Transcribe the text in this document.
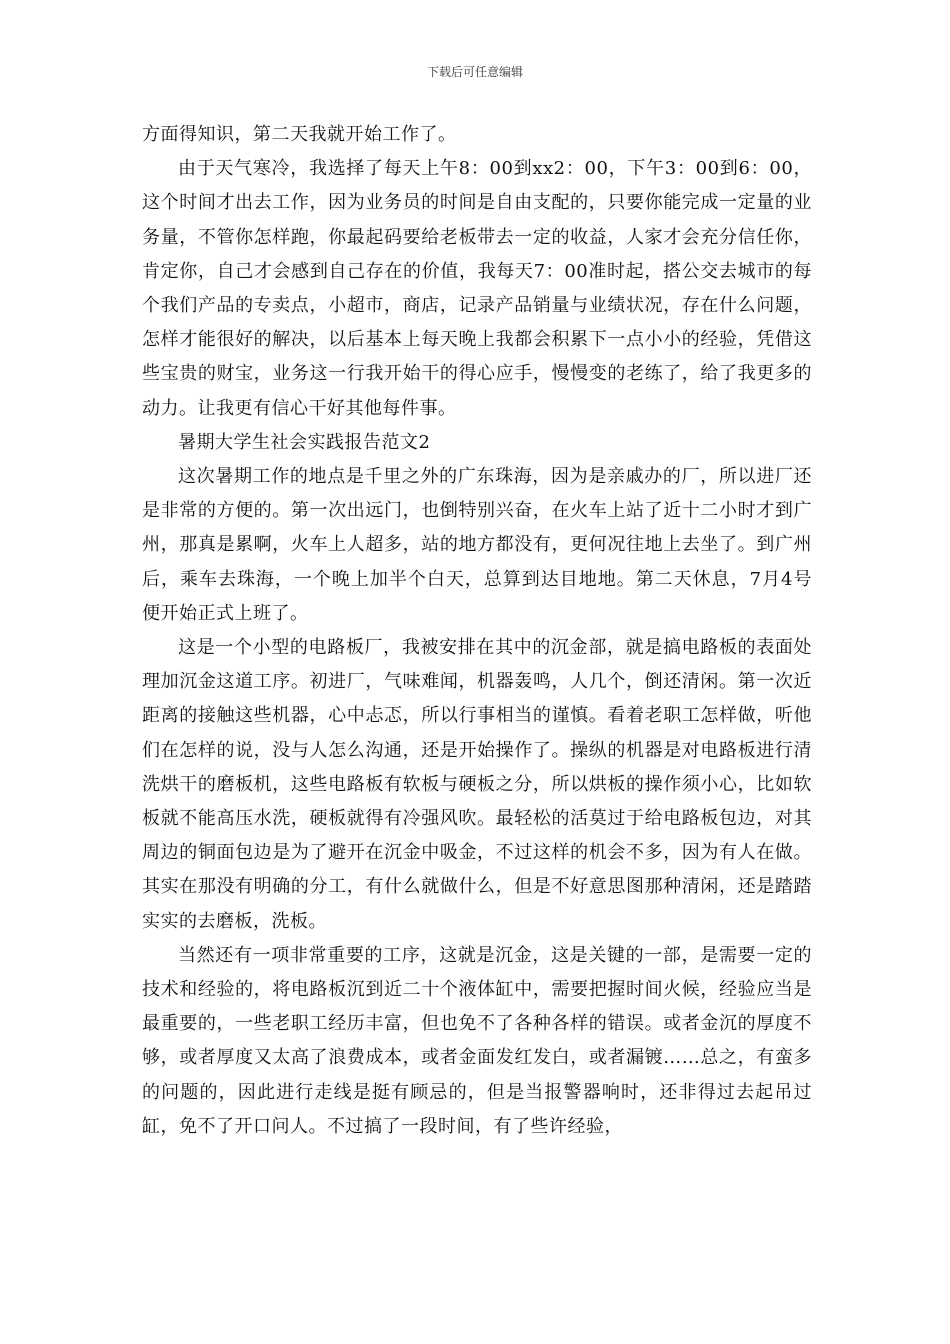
下载后可任意编辑

方面得知识，第二天我就开始工作了。

由于天气寒冷，我选择了每天上午8：00到xx2：00，下午3：00到6：00，这个时间才出去工作，因为业务员的时间是自由支配的，只要你能完成一定量的业务量，不管你怎样跑，你最起码要给老板带去一定的收益，人家才会充分信任你，肯定你，自己才会感到自己存在的价值，我每天7：00准时起，搭公交去城市的每个我们产品的专卖点，小超市，商店，记录产品销量与业绩状况，存在什么问题，怎样才能很好的解决，以后基本上每天晚上我都会积累下一点小小的经验，凭借这些宝贵的财宝，业务这一行我开始干的得心应手，慢慢变的老练了，给了我更多的动力。让我更有信心干好其他每件事。

暑期大学生社会实践报告范文2

这次暑期工作的地点是千里之外的广东珠海，因为是亲戚办的厂，所以进厂还是非常的方便的。第一次出远门，也倒特别兴奋，在火车上站了近十二小时才到广州，那真是累啊，火车上人超多，站的地方都没有，更何况往地上去坐了。到广州后，乘车去珠海，一个晚上加半个白天，总算到达目地地。第二天休息，7月4号便开始正式上班了。

这是一个小型的电路板厂，我被安排在其中的沉金部，就是搞电路板的表面处理加沉金这道工序。初进厂，气味难闻，机器轰鸣，人几个，倒还清闲。第一次近距离的接触这些机器，心中忐忑，所以行事相当的谨慎。看着老职工怎样做，听他们在怎样的说，没与人怎么沟通，还是开始操作了。操纵的机器是对电路板进行清洗烘干的磨板机，这些电路板有软板与硬板之分，所以烘板的操作须小心，比如软板就不能高压水洗，硬板就得有冷强风吹。最轻松的活莫过于给电路板包边，对其周边的铜面包边是为了避开在沉金中吸金，不过这样的机会不多，因为有人在做。其实在那没有明确的分工，有什么就做什么，但是不好意思图那种清闲，还是踏踏实实的去磨板，洗板。

当然还有一项非常重要的工序，这就是沉金，这是关键的一部，是需要一定的技术和经验的，将电路板沉到近二十个液体缸中，需要把握时间火候，经验应当是最重要的，一些老职工经历丰富，但也免不了各种各样的错误。或者金沉的厚度不够，或者厚度又太高了浪费成本，或者金面发红发白，或者漏镀……总之，有蛮多的问题的，因此进行走线是挺有顾忌的，但是当报警器响时，还非得过去起吊过缸，免不了开口问人。不过搞了一段时间，有了些许经验，
